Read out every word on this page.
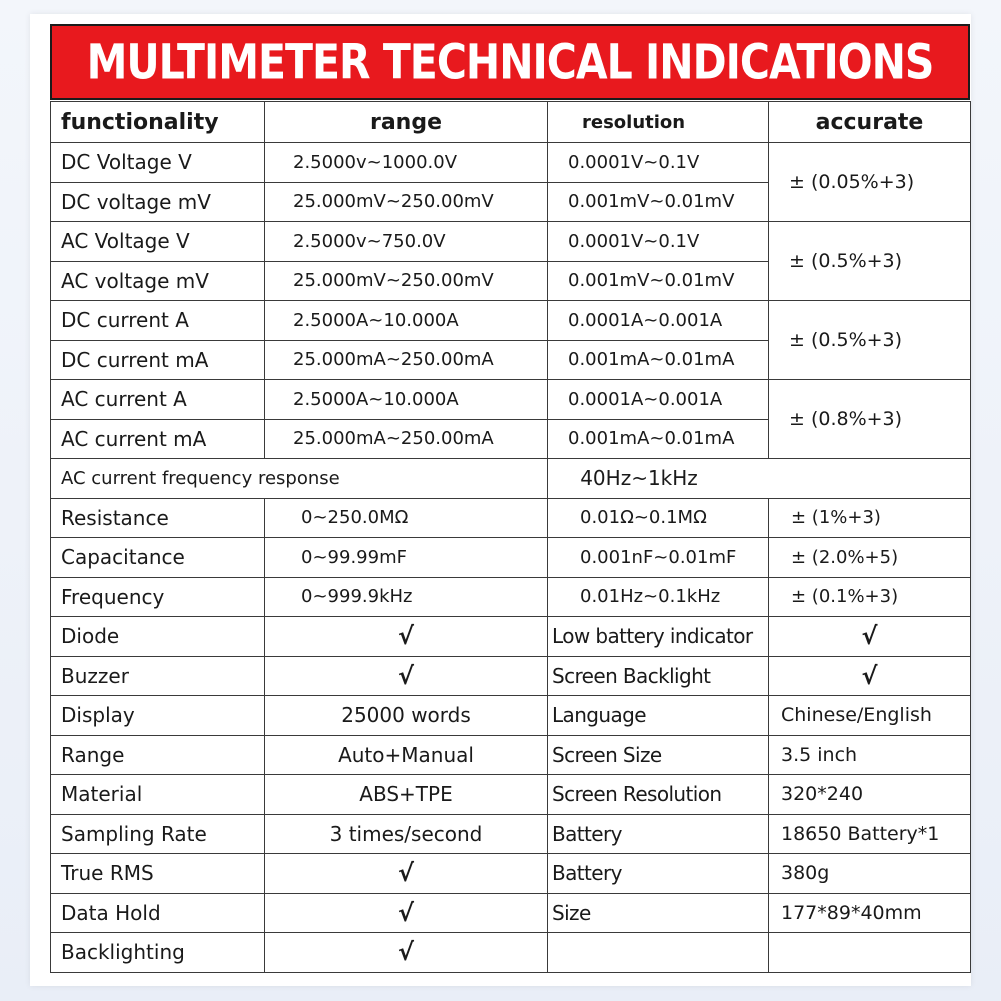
MULTIMETER TECHNICAL INDICATIONS
functionality	range	resolution	accurate
DC Voltage V	2.5000v~1000.0V	0.0001V~0.1V	± (0.05%+3)
DC voltage mV	25.000mV~250.00mV	0.001mV~0.01mV	
AC Voltage V	2.5000v~750.0V	0.0001V~0.1V	± (0.5%+3)
AC voltage mV	25.000mV~250.00mV	0.001mV~0.01mV	
DC current A	2.5000A~10.000A	0.0001A~0.001A	± (0.5%+3)
DC current mA	25.000mA~250.00mA	0.001mA~0.01mA	
AC current A	2.5000A~10.000A	0.0001A~0.001A	± (0.8%+3)
AC current mA	25.000mA~250.00mA	0.001mA~0.01mA	
AC current frequency response		40Hz~1kHz	
Resistance	0~250.0MΩ	0.01Ω~0.1MΩ	± (1%+3)
Capacitance	0~99.99mF	0.001nF~0.01mF	± (2.0%+5)
Frequency	0~999.9kHz	0.01Hz~0.1kHz	± (0.1%+3)
Diode	√	Low battery indicator	√
Buzzer	√	Screen Backlight	√
Display	25000 words	Language	Chinese/English
Range	Auto+Manual	Screen Size	3.5 inch
Material	ABS+TPE	Screen Resolution	320*240
Sampling Rate	3 times/second	Battery	18650 Battery*1
True RMS	√	Battery	380g
Data Hold	√	Size	177*89*40mm
Backlighting	√		
